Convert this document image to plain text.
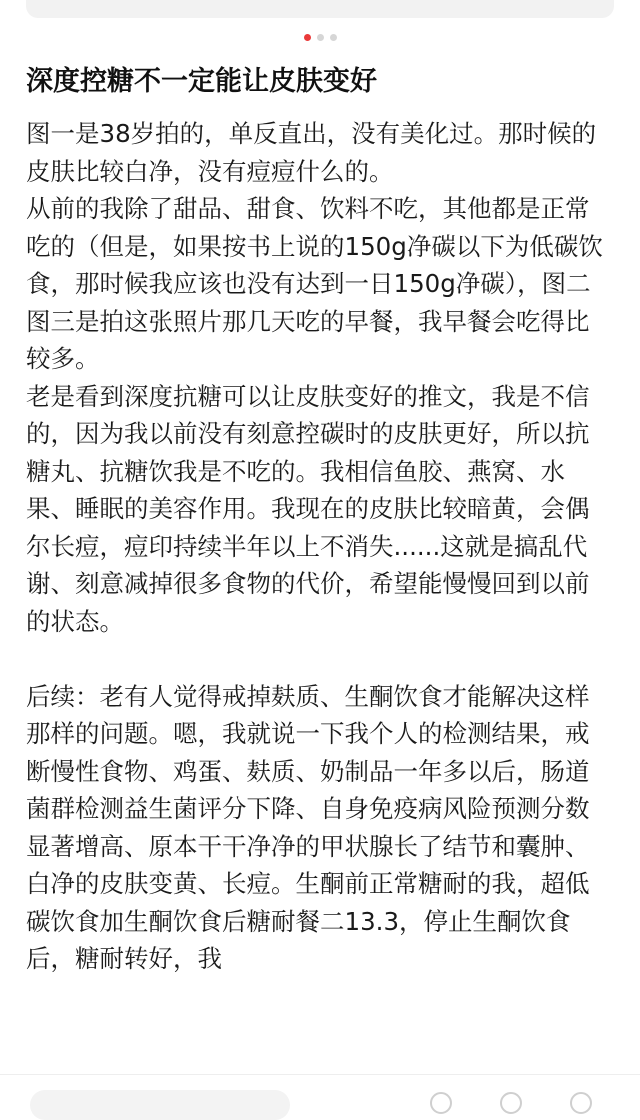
深度控糖不一定能让皮肤变好

图一是38岁拍的，单反直出，没有美化过。那时候的皮肤比较白净，没有痘痘什么的。

从前的我除了甜品、甜食、饮料不吃，其他都是正常吃的（但是，如果按书上说的150g净碳以下为低碳饮食，那时候我应该也没有达到一日150g净碳），图二图三是拍这张照片那几天吃的早餐，我早餐会吃得比较多。

老是看到深度抗糖可以让皮肤变好的推文，我是不信的，因为我以前没有刻意控碳时的皮肤更好，所以抗糖丸、抗糖饮我是不吃的。我相信鱼胶、燕窝、水果、睡眠的美容作用。我现在的皮肤比较暗黄，会偶尔长痘，痘印持续半年以上不消失......这就是搞乱代谢、刻意减掉很多食物的代价，希望能慢慢回到以前的状态。

后续：老有人觉得戒掉麸质、生酮饮食才能解决这样那样的问题。嗯，我就说一下我个人的检测结果，戒断慢性食物、鸡蛋、麸质、奶制品一年多以后，肠道菌群检测益生菌评分下降、自身免疫病风险预测分数显著增高、原本干干净净的甲状腺长了结节和囊肿、白净的皮肤变黄、长痘。生酮前正常糖耐的我，超低碳饮食加生酮饮食后糖耐餐二13.3，停止生酮饮食后，糖耐转好，我
